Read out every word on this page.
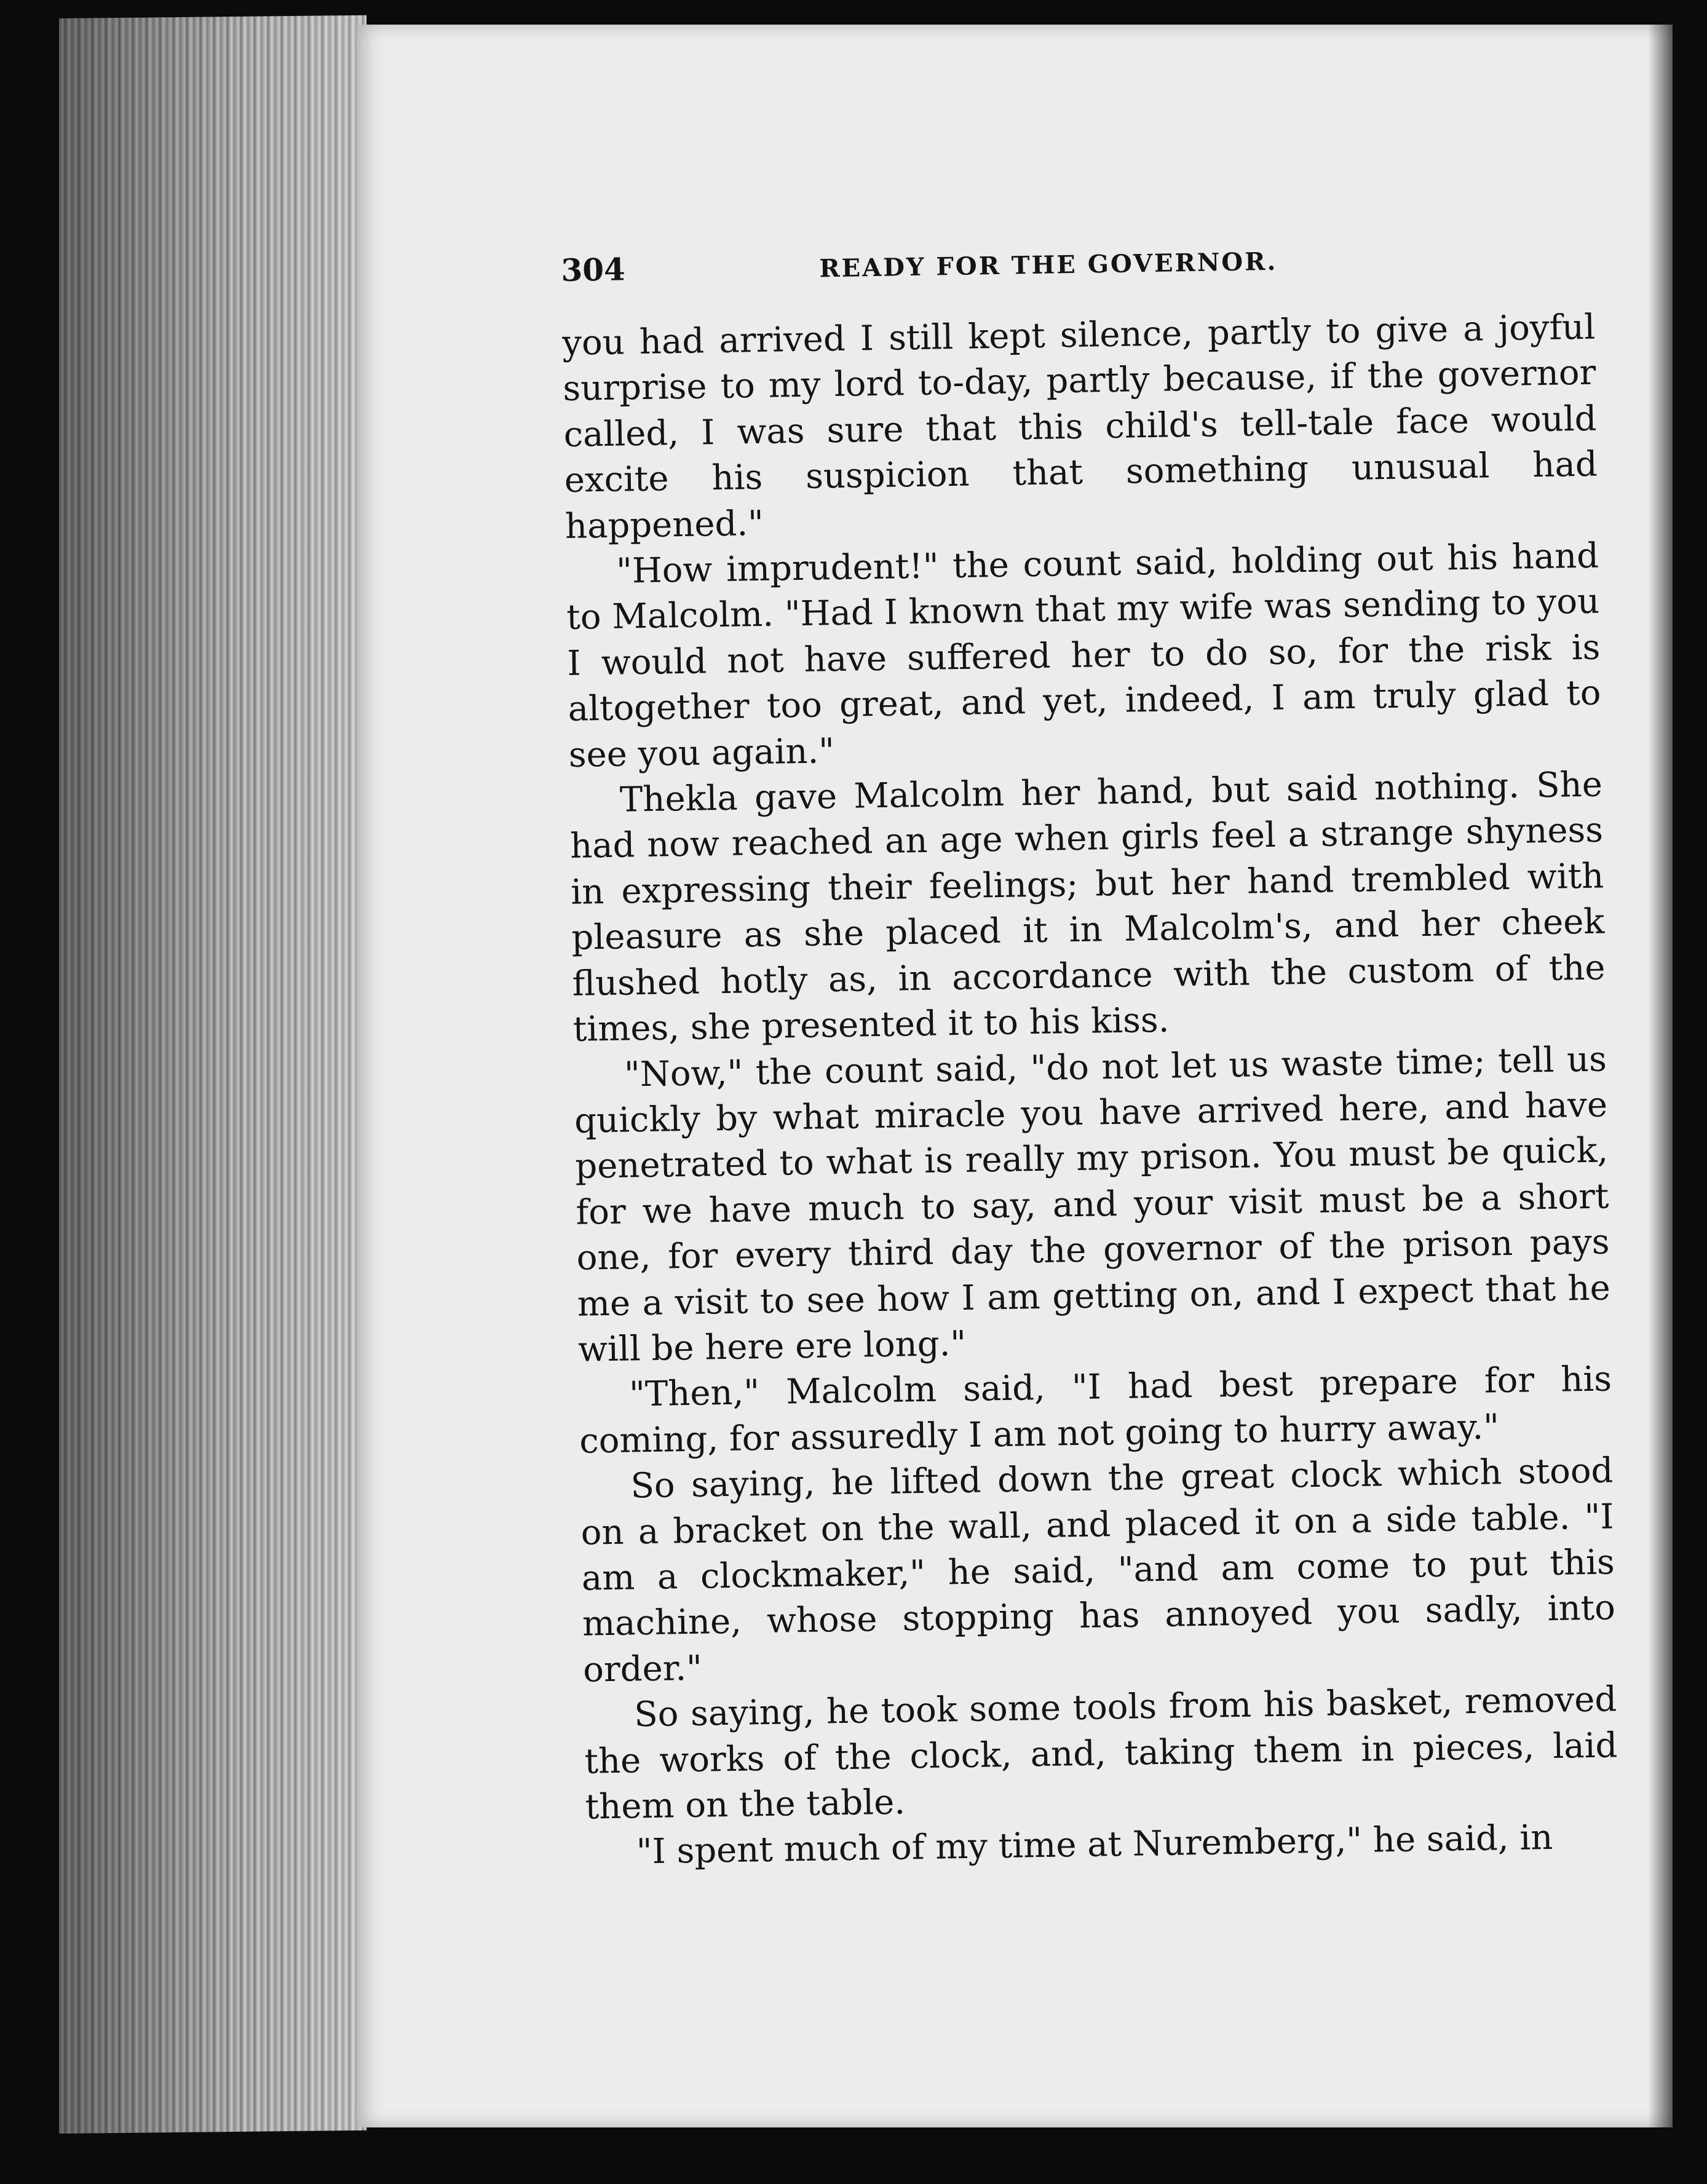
304	READY FOR THE GOVERNOR.

you had arrived I still kept silence, partly to give a joyful surprise to my lord to-day, partly because, if the governor called, I was sure that this child's tell-tale face would excite his suspicion that something unusual had happened."

"How imprudent!" the count said, holding out his hand to Malcolm. "Had I known that my wife was sending to you I would not have suffered her to do so, for the risk is altogether too great, and yet, indeed, I am truly glad to see you again."

Thekla gave Malcolm her hand, but said nothing. She had now reached an age when girls feel a strange shyness in expressing their feelings; but her hand trembled with pleasure as she placed it in Malcolm's, and her cheek flushed hotly as, in accordance with the custom of the times, she presented it to his kiss.

"Now," the count said, "do not let us waste time; tell us quickly by what miracle you have arrived here, and have penetrated to what is really my prison. You must be quick, for we have much to say, and your visit must be a short one, for every third day the governor of the prison pays me a visit to see how I am getting on, and I expect that he will be here ere long."

"Then," Malcolm said, "I had best prepare for his coming, for assuredly I am not going to hurry away."

So saying, he lifted down the great clock which stood on a bracket on the wall, and placed it on a side table. "I am a clockmaker," he said, "and am come to put this machine, whose stopping has annoyed you sadly, into order."

So saying, he took some tools from his basket, removed the works of the clock, and, taking them in pieces, laid them on the table.

"I spent much of my time at Nuremberg," he said, in
